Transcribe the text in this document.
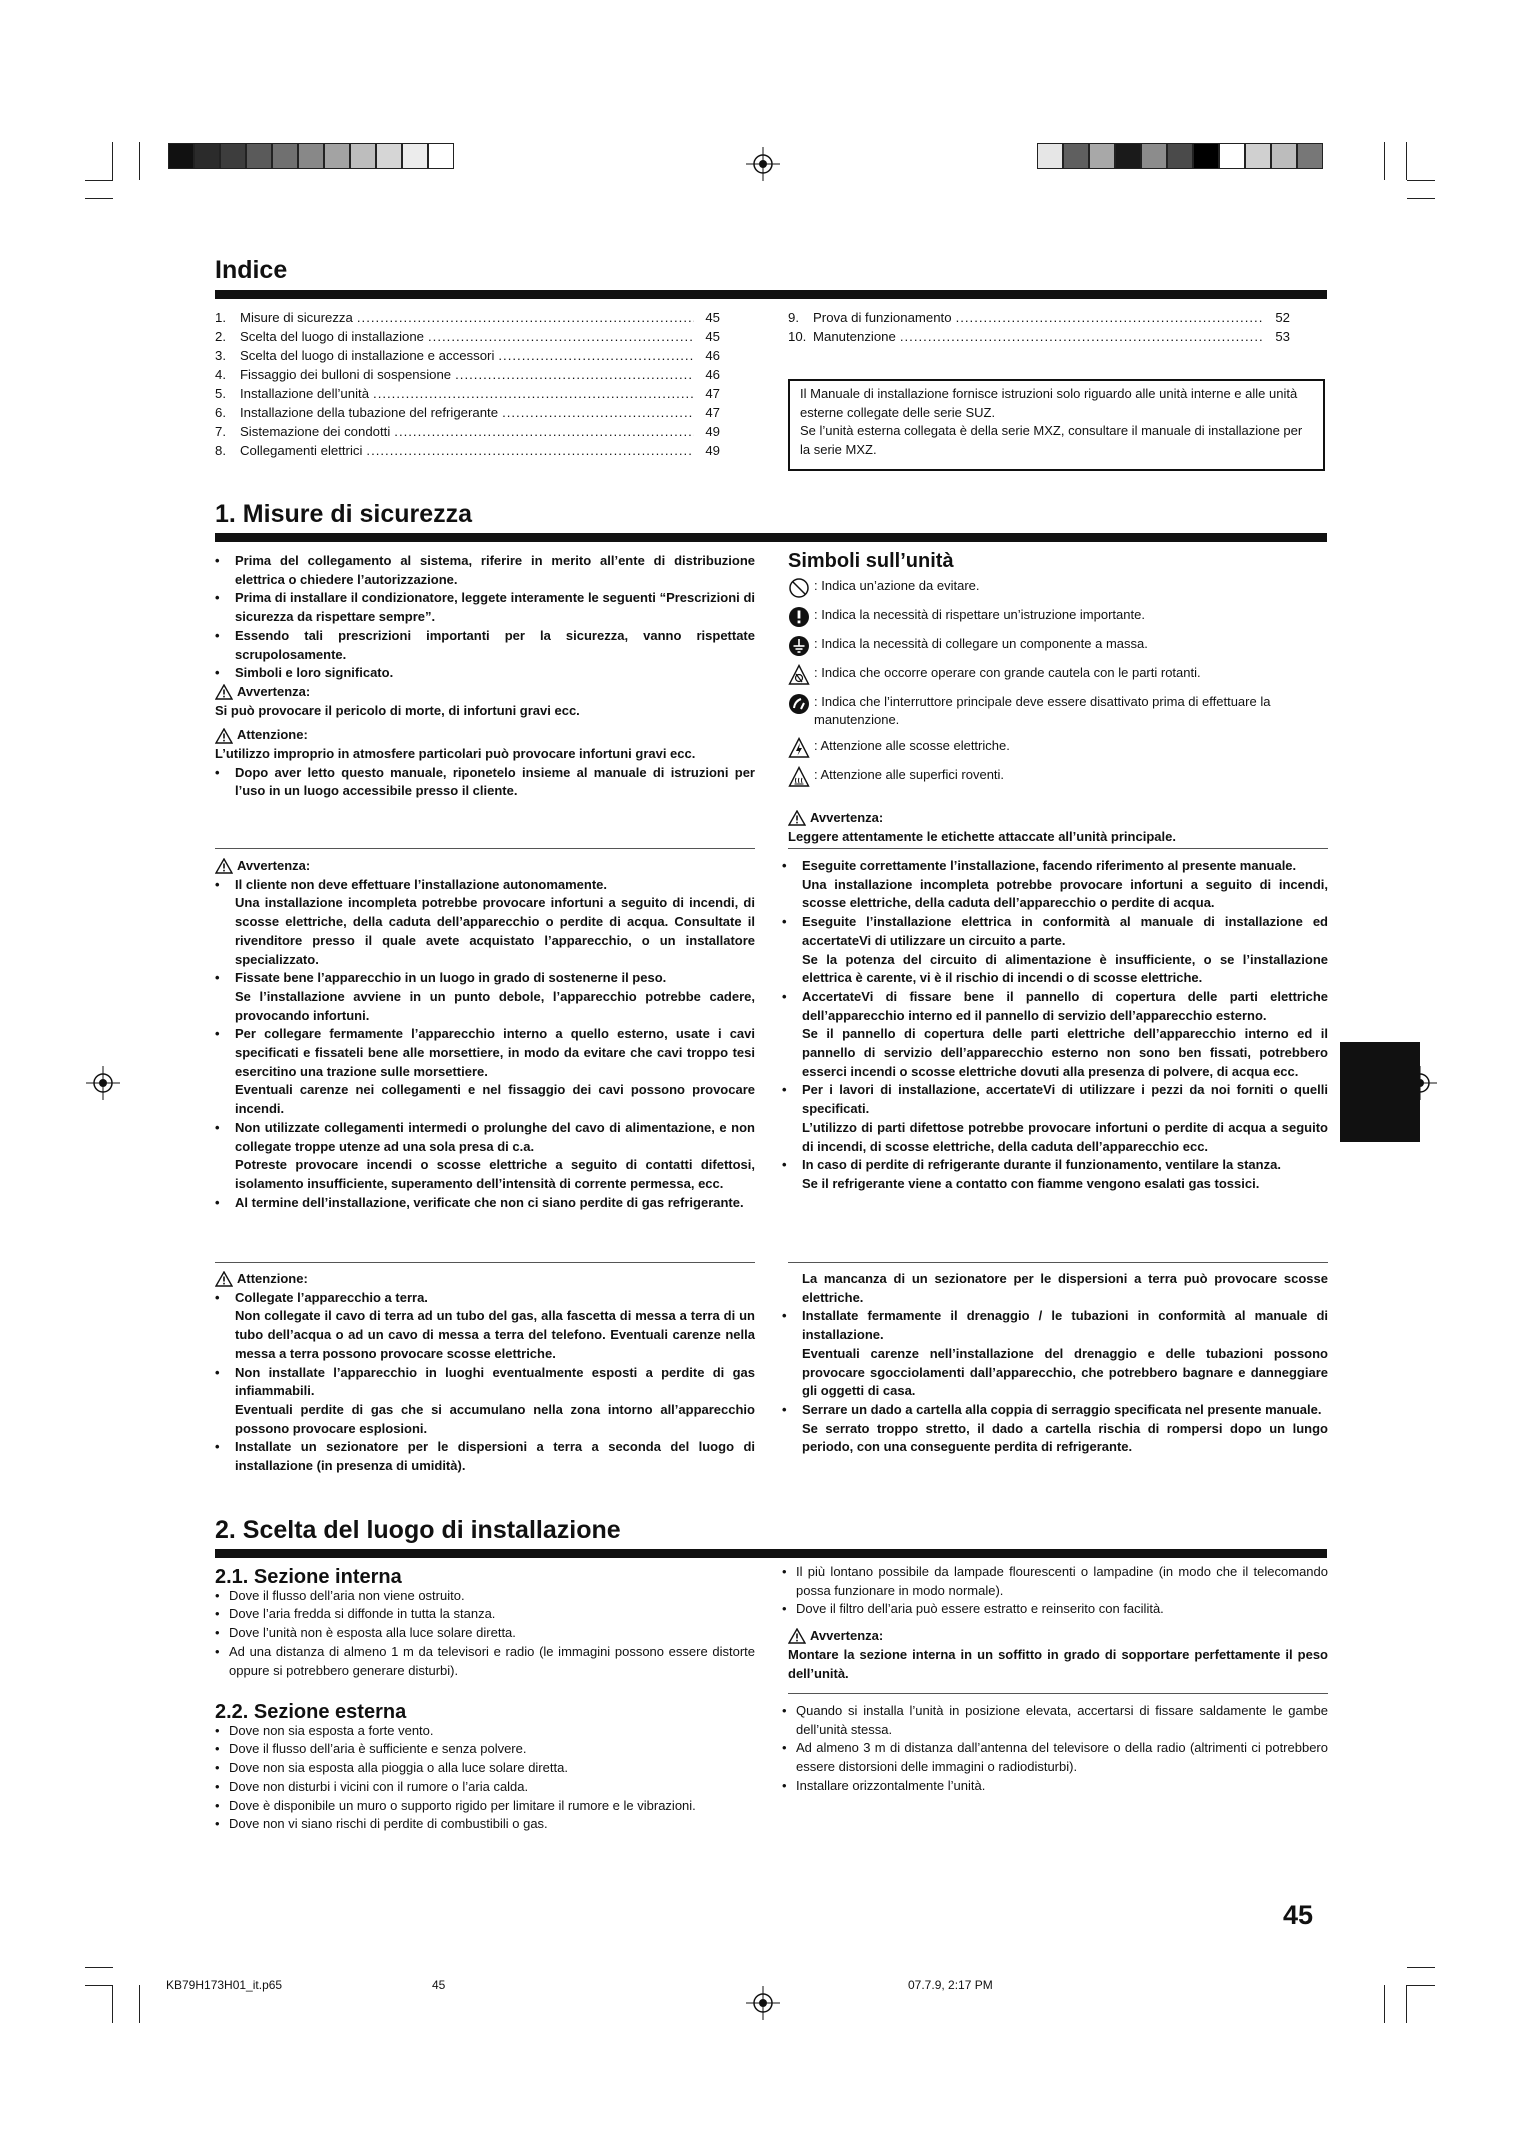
Indice
1.	Misure di sicurezza .....	45
2.	Scelta del luogo di installazione .....	45
3.	Scelta del luogo di installazione e accessori .....	46
4.	Fissaggio dei bulloni di sospensione .....	46
5.	Installazione dell’unità .....	47
6.	Installazione della tubazione del refrigerante .....	47
7.	Sistemazione dei condotti .....	49
8.	Collegamenti elettrici .....	49
9.	Prova di funzionamento .....	52
10. Manutenzione .....	53
Il Manuale di installazione fornisce istruzioni solo riguardo alle unità interne e alle unità esterne collegate delle serie SUZ.
Se l’unità esterna collegata è della serie MXZ, consultare il manuale di installazione per la serie MXZ.
1. Misure di sicurezza
•	Prima del collegamento al sistema, riferire in merito all’ente di distribuzione elettrica o chiedere l’autorizzazione.
•	Prima di installare il condizionatore, leggete interamente le seguenti “Prescrizioni di sicurezza da rispettare sempre”.
•	Essendo tali prescrizioni importanti per la sicurezza, vanno rispettate scrupolosamente.
•	Simboli e loro significato.
Avvertenza:
Si può provocare il pericolo di morte, di infortuni gravi ecc.
Attenzione:
L’utilizzo improprio in atmosfere particolari può provocare infortuni gravi ecc.
•	Dopo aver letto questo manuale, riponetelo insieme al manuale di istruzioni per l’uso in un luogo accessibile presso il cliente.
Simboli sull’unità
: Indica un’azione da evitare.
: Indica la necessità di rispettare un’istruzione importante.
: Indica la necessità di collegare un componente a massa.
: Indica che occorre operare con grande cautela con le parti rotanti.
: Indica che l’interruttore principale deve essere disattivato prima di effettuare la manutenzione.
: Attenzione alle scosse elettriche.
: Attenzione alle superfici roventi.
Avvertenza:
Leggere attentamente le etichette attaccate all’unità principale.
Avvertenza:
•	Il cliente non deve effettuare l’installazione autonomamente.
Una installazione incompleta potrebbe provocare infortuni a seguito di incendi, di scosse elettriche, della caduta dell’apparecchio o perdite di acqua. Consultate il rivenditore presso il quale avete acquistato l’apparecchio, o un installatore specializzato.
•	Fissate bene l’apparecchio in un luogo in grado di sostenerne il peso.
Se l’installazione avviene in un punto debole, l’apparecchio potrebbe cadere, provocando infortuni.
•	Per collegare fermamente l’apparecchio interno a quello esterno, usate i cavi specificati e fissateli bene alle morsettiere, in modo da evitare che cavi troppo tesi esercitino una trazione sulle morsettiere.
Eventuali carenze nei collegamenti e nel fissaggio dei cavi possono provocare incendi.
•	Non utilizzate collegamenti intermedi o prolunghe del cavo di alimentazione, e non collegate troppe utenze ad una sola presa di c.a.
Potreste provocare incendi o scosse elettriche a seguito di contatti difettosi, isolamento insufficiente, superamento dell’intensità di corrente permessa, ecc.
•	Al termine dell’installazione, verificate che non ci siano perdite di gas refrigerante.
•	Eseguite correttamente l’installazione, facendo riferimento al presente manuale.
Una installazione incompleta potrebbe provocare infortuni a seguito di incendi, scosse elettriche, della caduta dell’apparecchio o perdite di acqua.
•	Eseguite l’installazione elettrica in conformità al manuale di installazione ed accertateVi di utilizzare un circuito a parte.
Se la potenza del circuito di alimentazione è insufficiente, o se l’installazione elettrica è carente, vi è il rischio di incendi o di scosse elettriche.
•	AccertateVi di fissare bene il pannello di copertura delle parti elettriche dell’apparecchio interno ed il pannello di servizio dell’apparecchio esterno.
Se il pannello di copertura delle parti elettriche dell’apparecchio interno ed il pannello di servizio dell’apparecchio esterno non sono ben fissati, potrebbero esserci incendi o scosse elettriche dovuti alla presenza di polvere, di acqua ecc.
•	Per i lavori di installazione, accertateVi di utilizzare i pezzi da noi forniti o quelli specificati.
L’utilizzo di parti difettose potrebbe provocare infortuni o perdite di acqua a seguito di incendi, di scosse elettriche, della caduta dell’apparecchio ecc.
•	In caso di perdite di refrigerante durante il funzionamento, ventilare la stanza.
Se il refrigerante viene a contatto con fiamme vengono esalati gas tossici.
Attenzione:
•	Collegate l’apparecchio a terra.
Non collegate il cavo di terra ad un tubo del gas, alla fascetta di messa a terra di un tubo dell’acqua o ad un cavo di messa a terra del telefono. Eventuali carenze nella messa a terra possono provocare scosse elettriche.
•	Non installate l’apparecchio in luoghi eventualmente esposti a perdite di gas infiammabili.
Eventuali perdite di gas che si accumulano nella zona intorno all’apparecchio possono provocare esplosioni.
•	Installate un sezionatore per le dispersioni a terra a seconda del luogo di installazione (in presenza di umidità).
La mancanza di un sezionatore per le dispersioni a terra può provocare scosse elettriche.
•	Installate fermamente il drenaggio / le tubazioni in conformità al manuale di installazione.
Eventuali carenze nell’installazione del drenaggio e delle tubazioni possono provocare sgocciolamenti dall’apparecchio, che potrebbero bagnare e danneggiare gli oggetti di casa.
•	Serrare un dado a cartella alla coppia di serraggio specificata nel presente manuale.
Se serrato troppo stretto, il dado a cartella rischia di rompersi dopo un lungo periodo, con una conseguente perdita di refrigerante.
2. Scelta del luogo di installazione
2.1. Sezione interna
• Dove il flusso dell’aria non viene ostruito.
• Dove l’aria fredda si diffonde in tutta la stanza.
• Dove l’unità non è esposta alla luce solare diretta.
• Ad una distanza di almeno 1 m da televisori e radio (le immagini possono essere distorte oppure si potrebbero generare disturbi).
• Il più lontano possibile da lampade flourescenti o lampadine (in modo che il telecomando possa funzionare in modo normale).
• Dove il filtro dell’aria può essere estratto e reinserito con facilità.
Avvertenza:
Montare la sezione interna in un soffitto in grado di sopportare perfettamente il peso dell’unità.
2.2. Sezione esterna
• Dove non sia esposta a forte vento.
• Dove il flusso dell’aria è sufficiente e senza polvere.
• Dove non sia esposta alla pioggia o alla luce solare diretta.
• Dove non disturbi i vicini con il rumore o l’aria calda.
• Dove è disponibile un muro o supporto rigido per limitare il rumore e le vibrazioni.
• Dove non vi siano rischi di perdite di combustibili o gas.
• Quando si installa l’unità in posizione elevata, accertarsi di fissare saldamente le gambe dell’unità stessa.
• Ad almeno 3 m di distanza dall’antenna del televisore o della radio (altrimenti ci potrebbero essere distorsioni delle immagini o radiodisturbi).
• Installare orizzontalmente l’unità.
45
KB79H173H01_it.p65	45	07.7.9, 2:17 PM
